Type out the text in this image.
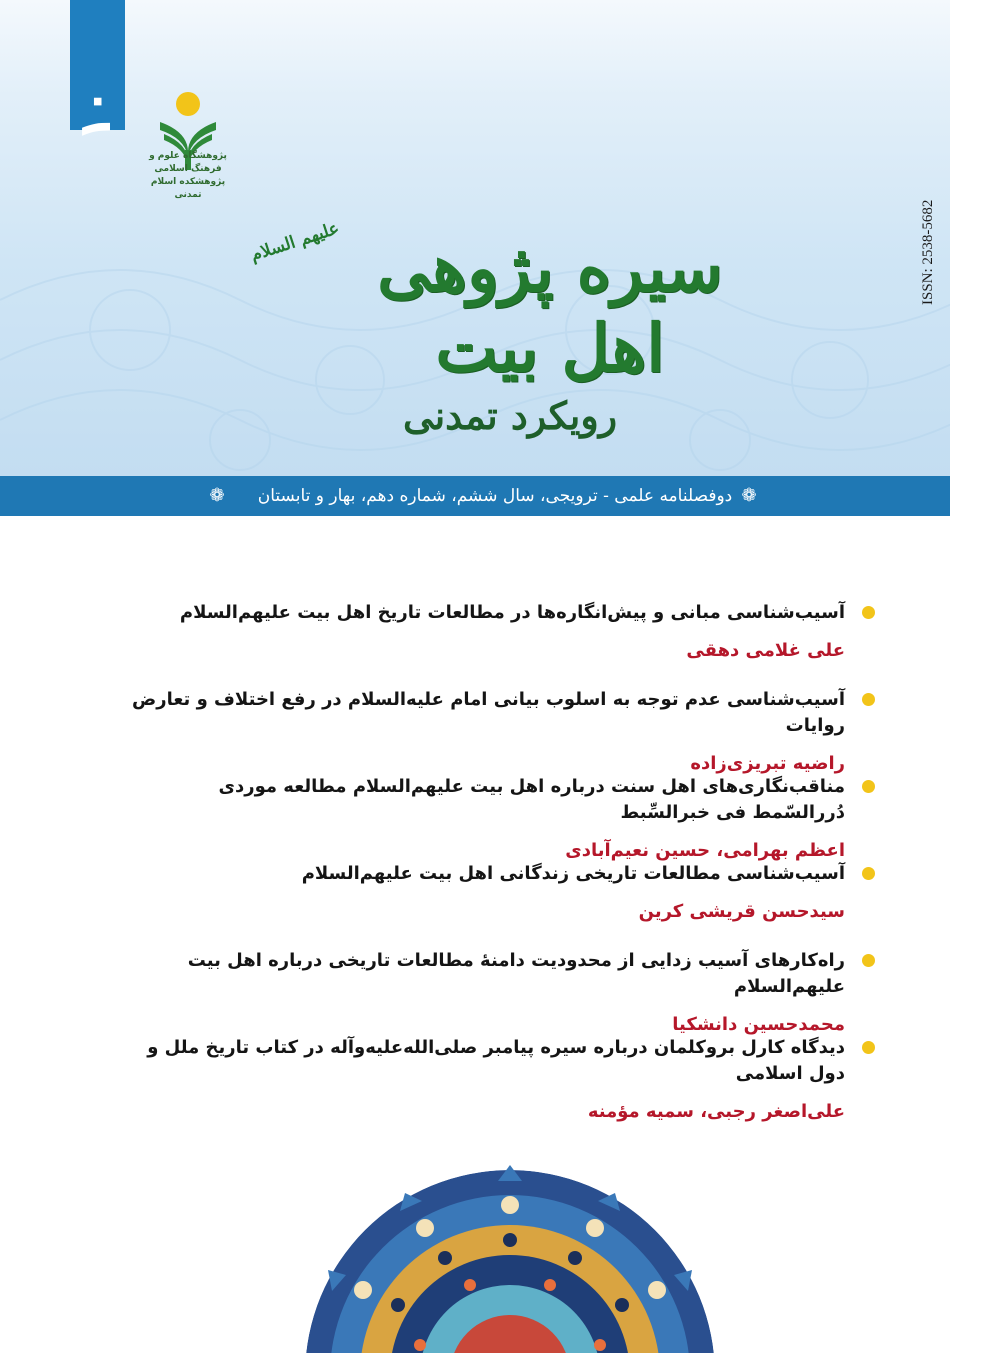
۱۰
پژوهشگاه علوم و فرهنگ اسلامی
پژوهشکده اسلام تمدنی
علیهم السلام سیره پژوهی اهل بیت
رویکرد تمدنی
ISSN: 2538-5682
❁	دوفصلنامه علمی - ترویجی، سال ششم، شماره دهم، بهار و تابستان ۱۳۹۹
❁
آسیب‌شناسی مبانی و پیش‌انگاره‌ها در مطالعات تاریخ اهل بیت علیهم‌السلام
علی غلامی دهقی
آسیب‌شناسی عدم توجه به اسلوب بیانی امام علیه‌السلام در رفع اختلاف و تعارض روایات
راضیه تبریزی‌زاده
مناقب‌نگاری‌های اهل سنت درباره اهل بیت علیهم‌السلام مطالعه موردی دُررالسّمط فی خبرالسِّبط
اعظم بهرامی، حسین نعیم‌آبادی
آسیب‌شناسی مطالعات تاریخی زندگانی اهل بیت علیهم‌السلام
سیدحسن قریشی کرین
راه‌کارهای آسیب زدایی از محدودیت دامنهٔ مطالعات تاریخی درباره اهل بیت علیهم‌السلام
محمدحسین دانشکیا
دیدگاه کارل بروکلمان درباره سیره پیامبر صلی‌الله‌علیه‌وآله در کتاب تاریخ ملل و دول اسلامی
علی‌اصغر رجبی، سمیه مؤمنه
